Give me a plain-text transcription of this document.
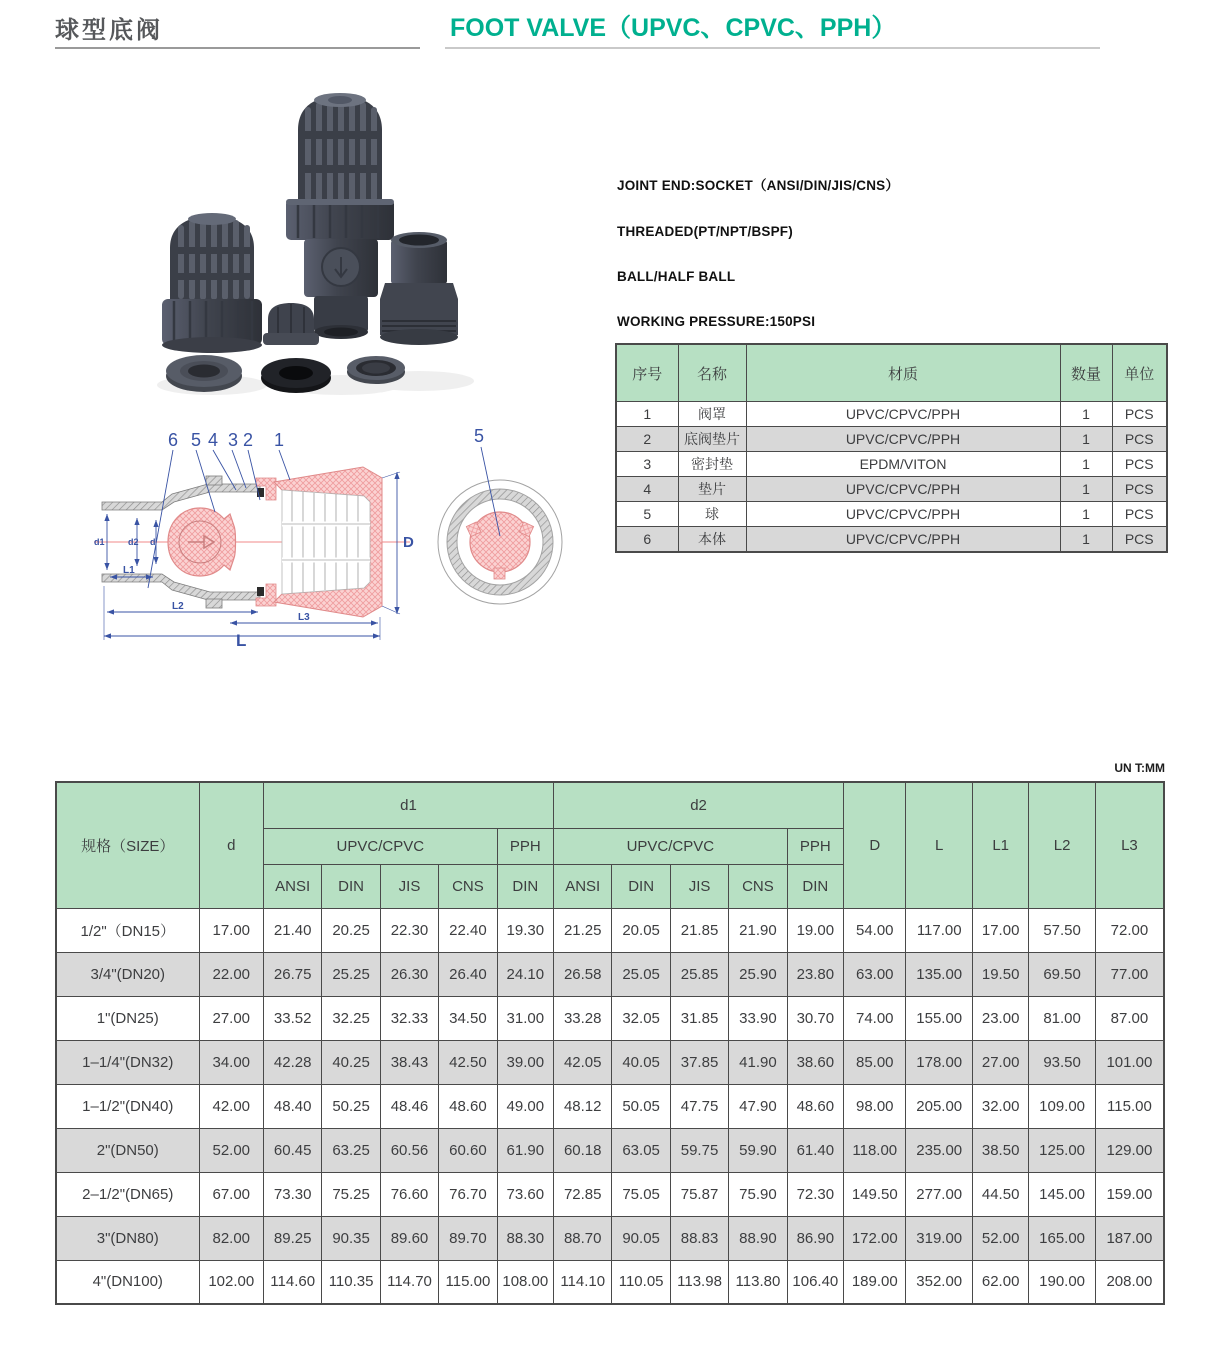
球型底阀	FOOT VALVE（UPVC、CPVC、PPH）
JOINT END:SOCKET（ANSI/DIN/JIS/CNS）
THREADED(PT/NPT/BSPF)
BALL/HALF BALL
WORKING PRESSURE:150PSI
序号	名称	材质	数量	单位
1	阀罩	UPVC/CPVC/PPH	1	PCS
2	底阀垫片	UPVC/CPVC/PPH	1	PCS
3	密封垫	EPDM/VITON	1	PCS
4	垫片	UPVC/CPVC/PPH	1	PCS
5	球	UPVC/CPVC/PPH	1	PCS
6	本体	UPVC/CPVC/PPH	1	PCS
6 5 4 3 2 1
d1	d2 d
L1
L2
L3
L
D
5
UN T:MM
规格（SIZE）	d	d1					d2					D	L	L1	L2	L3
		UPVC/CPVC				PPH	UPVC/CPVC				PPH					
		ANSI	DIN	JIS	CNS	DIN	ANSI	DIN	JIS	CNS	DIN					
1/2"（DN15）	17.00	21.40	20.25	22.30	22.40	19.30	21.25	20.05	21.85	21.90	19.00	54.00	117.00	17.00	57.50	72.00
3/4"(DN20)	22.00	26.75	25.25	26.30	26.40	24.10	26.58	25.05	25.85	25.90	23.80	63.00	135.00	19.50	69.50	77.00
1"(DN25)	27.00	33.52	32.25	32.33	34.50	31.00	33.28	32.05	31.85	33.90	30.70	74.00	155.00	23.00	81.00	87.00
1–1/4"(DN32)	34.00	42.28	40.25	38.43	42.50	39.00	42.05	40.05	37.85	41.90	38.60	85.00	178.00	27.00	93.50	101.00
1–1/2"(DN40)	42.00	48.40	50.25	48.46	48.60	49.00	48.12	50.05	47.75	47.90	48.60	98.00	205.00	32.00	109.00	115.00
2"(DN50)	52.00	60.45	63.25	60.56	60.60	61.90	60.18	63.05	59.75	59.90	61.40	118.00	235.00	38.50	125.00	129.00
2–1/2"(DN65)	67.00	73.30	75.25	76.60	76.70	73.60	72.85	75.05	75.87	75.90	72.30	149.50	277.00	44.50	145.00	159.00
3"(DN80)	82.00	89.25	90.35	89.60	89.70	88.30	88.70	90.05	88.83	88.90	86.90	172.00	319.00	52.00	165.00	187.00
4"(DN100)	102.00	114.60	110.35	114.70	115.00	108.00	114.10	110.05	113.98	113.80	106.40	189.00	352.00	62.00	190.00	208.00
